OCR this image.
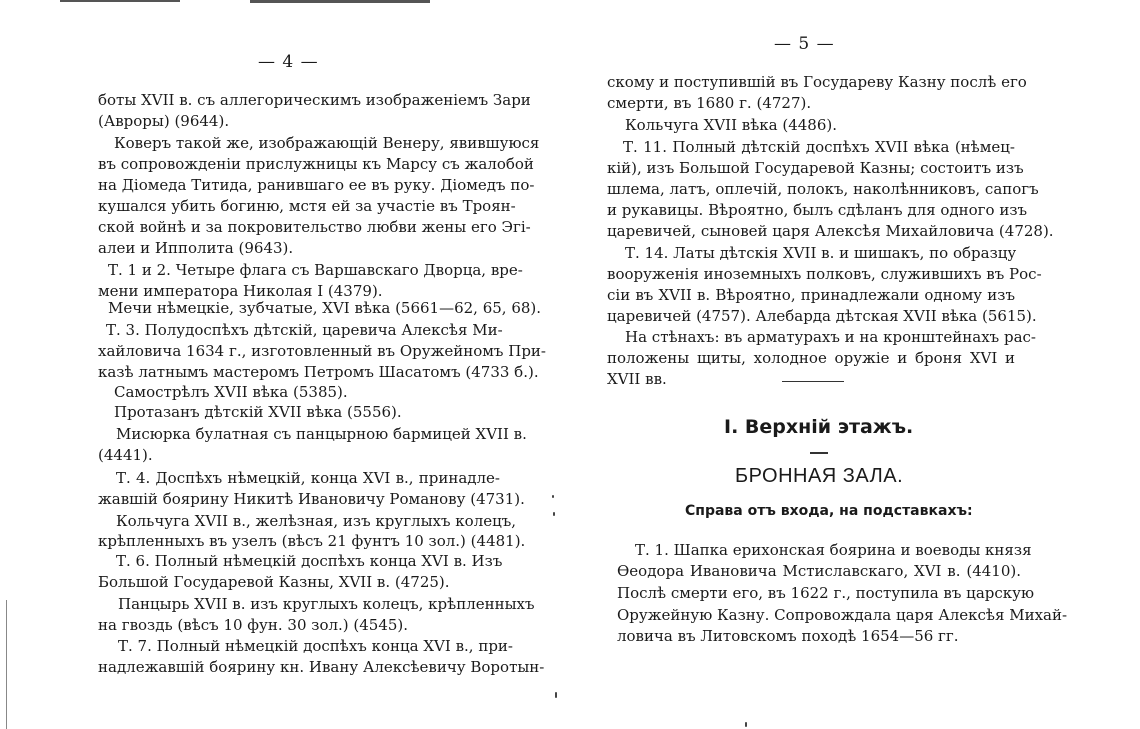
— 4 —
боты XVII в. съ аллегорическимъ изображенiемъ Зари
(Авроры) (9644).
Коверъ такой же, изображающiй Венеру, явившуюся
въ сопровожденiи прислужницы къ Марсу съ жалобой
на Дiомеда Титида, ранившаго ее въ руку. Дiомедъ по-
кушался убить богиню, мстя ей за участiе въ Троян-
ской войнѣ и за покровительство любви жены его Эгi-
алеи и Ипполита (9643).
Т. 1 и 2. Четыре флага съ Варшавскаго Дворца, вре-
мени императора Николая I (4379).
Мечи нѣмецкiе, зубчатые, XVI вѣка (5661—62, 65, 68).
Т. 3. Полудоспѣхъ дѣтскiй, царевича Алексѣя Ми-
хайловича 1634 г., изготовленный въ Оружейномъ При-
казѣ латнымъ мастеромъ Петромъ Шасатомъ (4733 б.).
Самострѣлъ XVII вѣка (5385).
Протазанъ дѣтскiй XVII вѣка (5556).
Мисюрка булатная съ панцырною бармицей XVII в.
(4441).
Т. 4. Доспѣхъ нѣмецкiй, конца XVI в., принадле-
жавшiй боярину Никитѣ Ивановичу Романову (4731).
Кольчуга XVII в., желѣзная, изъ круглыхъ колецъ,
крѣпленныхъ въ узелъ (вѣсъ 21 фунтъ 10 зол.) (4481).
Т. 6. Полный нѣмецкiй доспѣхъ конца XVI в. Изъ
Большой Государевой Казны, XVII в. (4725).
Панцырь XVII в. изъ круглыхъ колецъ, крѣпленныхъ
на гвоздь (вѣсъ 10 фун. 30 зол.) (4545).
Т. 7. Полный нѣмецкiй доспѣхъ конца XVI в., при-
надлежавшiй боярину кн. Ивану Алексѣевичу Воротын-
— 5 —
скому и поступившiй въ Государеву Казну послѣ его
смерти, въ 1680 г. (4727).
Кольчуга XVII вѣка (4486).
Т. 11. Полный дѣтскiй доспѣхъ XVII вѣка (нѣмец-
кiй), изъ Большой Государевой Казны; состоитъ изъ
шлема, латъ, оплечiй, полокъ, наколѣнниковъ, сапогъ
и рукавицы. Вѣроятно, былъ сдѣланъ для одного изъ
царевичей, сыновей царя Алексѣя Михайловича (4728).
Т. 14. Латы дѣтскiя XVII в. и шишакъ, по образцу
вооруженiя иноземныхъ полковъ, служившихъ въ Рос-
сiи въ XVII в. Вѣроятно, принадлежали одному изъ
царевичей (4757). Алебарда дѣтская XVII вѣка (5615).
На стѣнахъ: въ арматурахъ и на кронштейнахъ рас-
положены щиты, холодное оружiе и броня XVI и
XVII вв.
I. Верхнiй этажъ.
БРОННАЯ ЗАЛА.
Справа отъ входа, на подставкахъ:
Т. 1. Шапка ерихонская боярина и воеводы князя
Өеодора Ивановича Мстиславскаго, XVI в. (4410).
Послѣ смерти его, въ 1622 г., поступила въ царскую
Оружейную Казну. Сопровождала царя Алексѣя Михай-
ловича въ Литовскомъ походѣ 1654—56 гг.
